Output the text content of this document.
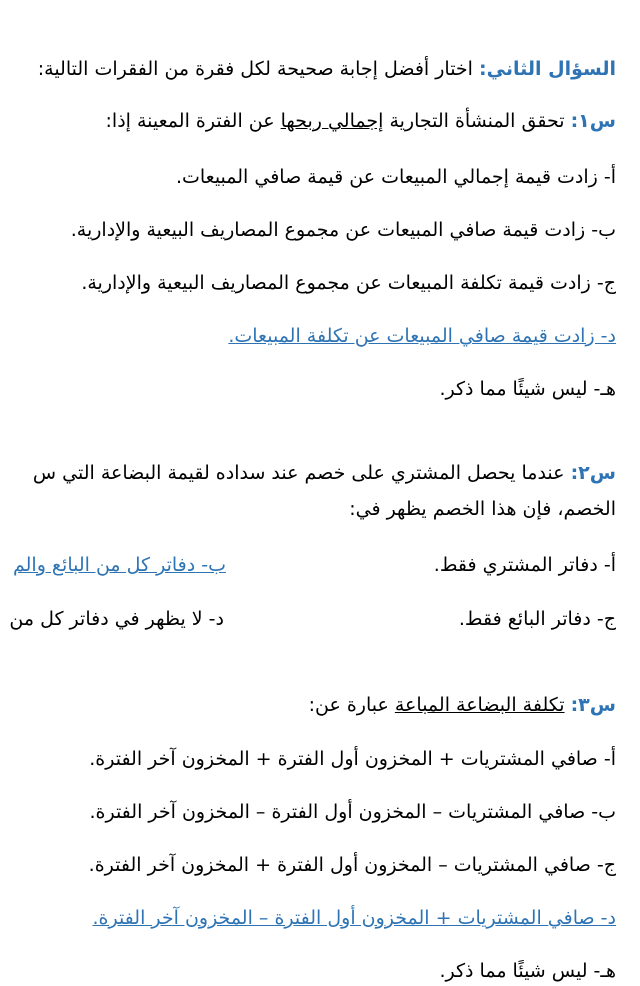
السؤال الثاني: اختار أفضل إجابة صحيحة لكل فقرة من الفقرات التالية:
س١: تحقق المنشأة التجارية إجمالي ربحها عن الفترة المعينة إذا:
أ- زادت قيمة إجمالي المبيعات عن قيمة صافي المبيعات.
ب- زادت قيمة صافي المبيعات عن مجموع المصاريف البيعية والإدارية.
ج- زادت قيمة تكلفة المبيعات عن مجموع المصاريف البيعية والإدارية.
د- زادت قيمة صافي المبيعات عن تكلفة المبيعات.
هـ- ليس شيئًا مما ذكر.
س٢: عندما يحصل المشتري على خصم عند سداده لقيمة البضاعة التي س
الخصم، فإن هذا الخصم يظهر في:
أ- دفاتر المشتري فقط.
ب- دفاتر كل من البائع والم
ج- دفاتر البائع فقط.
د- لا يظهر في دفاتر كل من
س٣: تكلفة البضاعة المباعة عبارة عن:
أ- صافي المشتريات + المخزون أول الفترة + المخزون آخر الفترة.
ب- صافي المشتريات – المخزون أول الفترة – المخزون آخر الفترة.
ج- صافي المشتريات – المخزون أول الفترة + المخزون آخر الفترة.
د- صافي المشتريات + المخزون أول الفترة – المخزون آخر الفترة.
هـ- ليس شيئًا مما ذكر.
